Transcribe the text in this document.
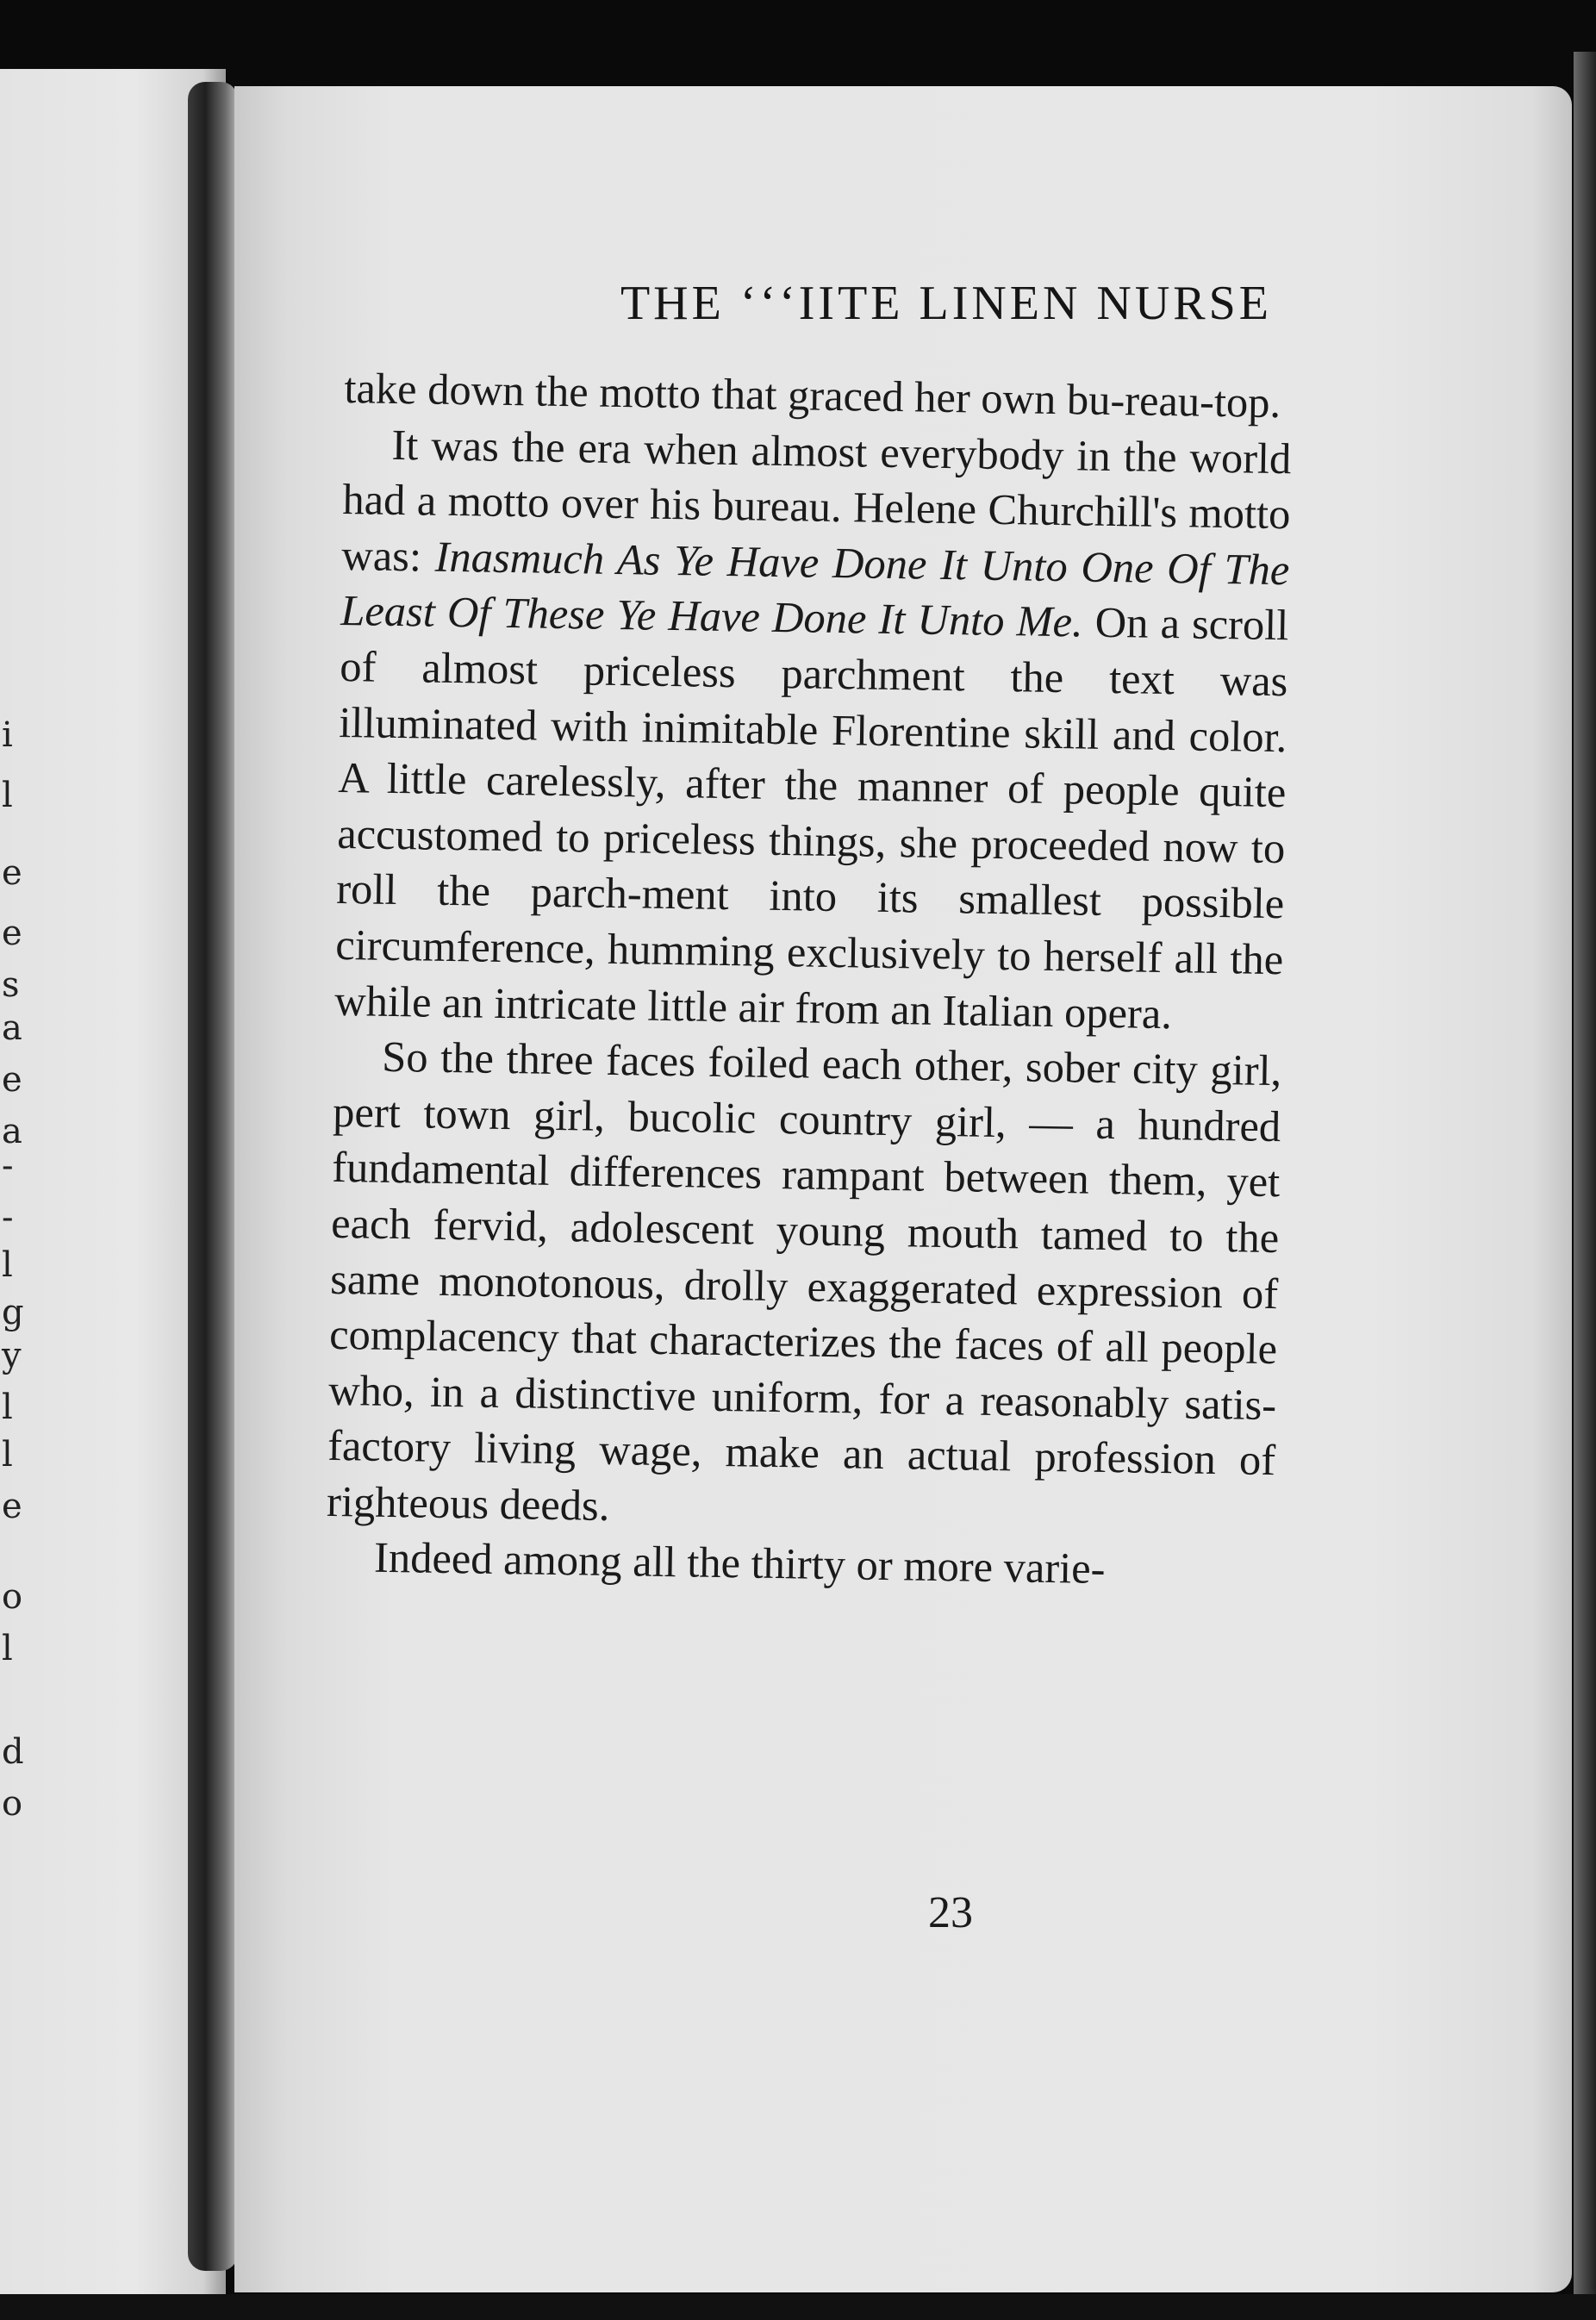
i
l
e
e
s
a
e
a
-
-
l
g
y
l
l
e
o
l
d
o
THE ʻʻʻIITE LINEN NURSE

take down the motto that graced her own bu-reau-top.

It was the era when almost everybody in the world had a motto over his bureau. Helene Churchill's motto was: Inasmuch As Ye Have Done It Unto One Of The Least Of These Ye Have Done It Unto Me. On a scroll of almost priceless parchment the text was illuminated with inimitable Florentine skill and color. A little carelessly, after the manner of people quite accustomed to priceless things, she proceeded now to roll the parch-ment into its smallest possible circumference, humming exclusively to herself all the while an intricate little air from an Italian opera.

So the three faces foiled each other, sober city girl, pert town girl, bucolic country girl, — a hundred fundamental differences rampant between them, yet each fervid, adolescent young mouth tamed to the same monotonous, drolly exaggerated expression of complacency that characterizes the faces of all people who, in a distinctive uniform, for a reasonably satis-factory living wage, make an actual profession of righteous deeds.

Indeed among all the thirty or more varie-

23
